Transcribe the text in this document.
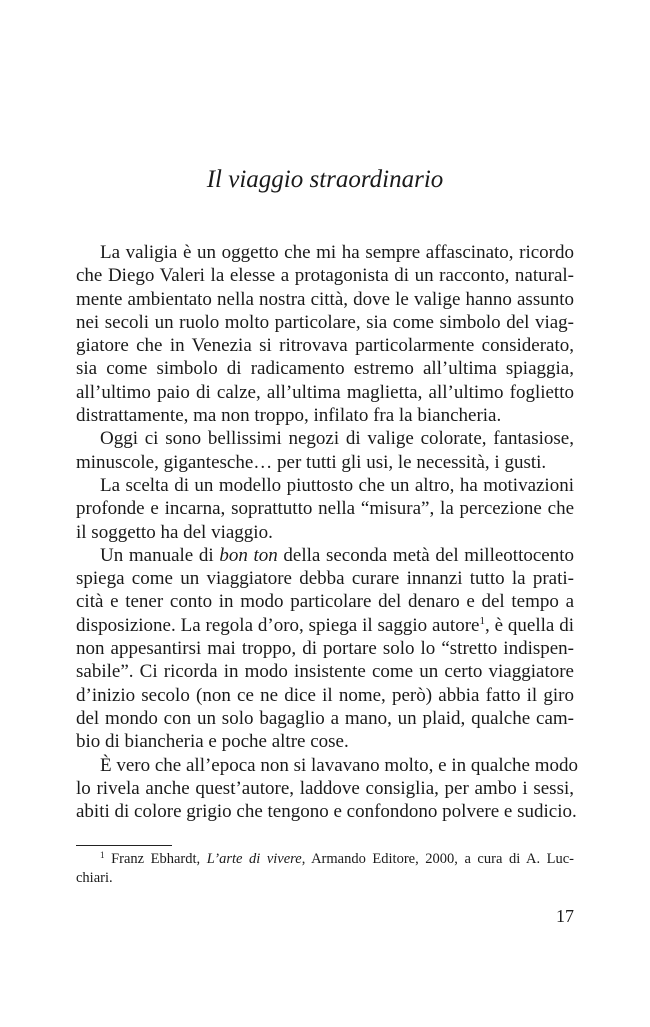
Il viaggio straordinario
La valigia è un oggetto che mi ha sempre affascinato, ricordo
che Diego Valeri la elesse a protagonista di un racconto, natural-
mente ambientato nella nostra città, dove le valige hanno assunto
nei secoli un ruolo molto particolare, sia come simbolo del viag-
giatore che in Venezia si ritrovava particolarmente considerato,
sia come simbolo di radicamento estremo all’ultima spiaggia,
all’ultimo paio di calze, all’ultima maglietta, all’ultimo foglietto
distrattamente, ma non troppo, infilato fra la biancheria.
Oggi ci sono bellissimi negozi di valige colorate, fantasiose,
minuscole, gigantesche… per tutti gli usi, le necessità, i gusti.
La scelta di un modello piuttosto che un altro, ha motivazioni
profonde e incarna, soprattutto nella “misura”, la percezione che
il soggetto ha del viaggio.
Un manuale di bon ton della seconda metà del milleottocento
spiega come un viaggiatore debba curare innanzi tutto la prati-
cità e tener conto in modo particolare del denaro e del tempo a
disposizione. La regola d’oro, spiega il saggio autore$^1$, è quella di
non appesantirsi mai troppo, di portare solo lo “stretto indispen-
sabile”. Ci ricorda in modo insistente come un certo viaggiatore
d’inizio secolo (non ce ne dice il nome, però) abbia fatto il giro
del mondo con un solo bagaglio a mano, un plaid, qualche cam-
bio di biancheria e poche altre cose.
È vero che all’epoca non si lavavano molto, e in qualche modo
lo rivela anche quest’autore, laddove consiglia, per ambo i sessi,
abiti di colore grigio che tengono e confondono polvere e sudicio.
$^1$ Franz Ebhardt, L’arte di vivere, Armando Editore, 2000, a cura di A. Luc-
chiari.
17
